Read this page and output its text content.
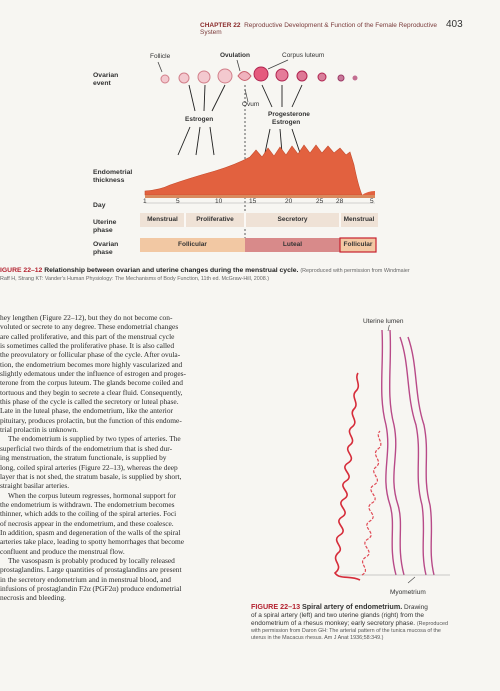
CHAPTER 22 Reproductive Development & Function of the Female Reproductive System
403
Ovarian event
Endometrial thickness
Day
Uterine phase
Ovarian phase
Follicle	Ovulation	Corpus luteum
Ovum
Estrogen
Progesterone
Estrogen
1	5	10	15	20	25 28	5
Menstrual	Proliferative	Secretory	Menstrual
Follicular	Luteal	Follicular
IGURE 22–12 Relationship between ovarian and uterine changes during the menstrual cycle. (Reproduced with permission from Windmaier
Raff H, Strang KT: Vander's Human Physiology: The Mechanisms of Body Function, 11th ed. McGraw-Hill, 2008.)

hey lengthen (Figure 22–12), but they do not become con-

voluted or secrete to any degree. These endometrial changes

are called proliferative, and this part of the menstrual cycle

is sometimes called the proliferative phase. It is also called

the preovulatory or follicular phase of the cycle. After ovula-

tion, the endometrium becomes more highly vascularized and

slightly edematous under the influence of estrogen and proges-

terone from the corpus luteum. The glands become coiled and

tortuous and they begin to secrete a clear fluid. Consequently,

this phase of the cycle is called the secretory or luteal phase.

Late in the luteal phase, the endometrium, like the anterior

pituitary, produces prolactin, but the function of this endome-

trial prolactin is unknown.

The endometrium is supplied by two types of arteries. The

superficial two thirds of the endometrium that is shed dur-

ing menstruation, the stratum functionale, is supplied by

long, coiled spiral arteries (Figure 22–13), whereas the deep

layer that is not shed, the stratum basale, is supplied by short,

straight basilar arteries.

When the corpus luteum regresses, hormonal support for

the endometrium is withdrawn. The endometrium becomes

thinner, which adds to the coiling of the spiral arteries. Foci

of necrosis appear in the endometrium, and these coalesce.

In addition, spasm and degeneration of the walls of the spiral

arteries take place, leading to spotty hemorrhages that become

confluent and produce the menstrual flow.

The vasospasm is probably produced by locally released

prostaglandins. Large quantities of prostaglandins are present

in the secretory endometrium and in menstrual blood, and

infusions of prostaglandin F2α (PGF2α) produce endometrial

necrosis and bleeding.

Uterine lumen
Myometrium
FIGURE 22–13 Spiral artery of endometrium. Drawing
of a spiral artery (left) and two uterine glands (right) from the
endometrium of a rhesus monkey; early secretory phase. (Reproduced
with permission from Daron GH: The arterial pattern of the tunica mucosa of the
uterus in the Macacus rhesus. Am J Anat 1936;58:349.)
